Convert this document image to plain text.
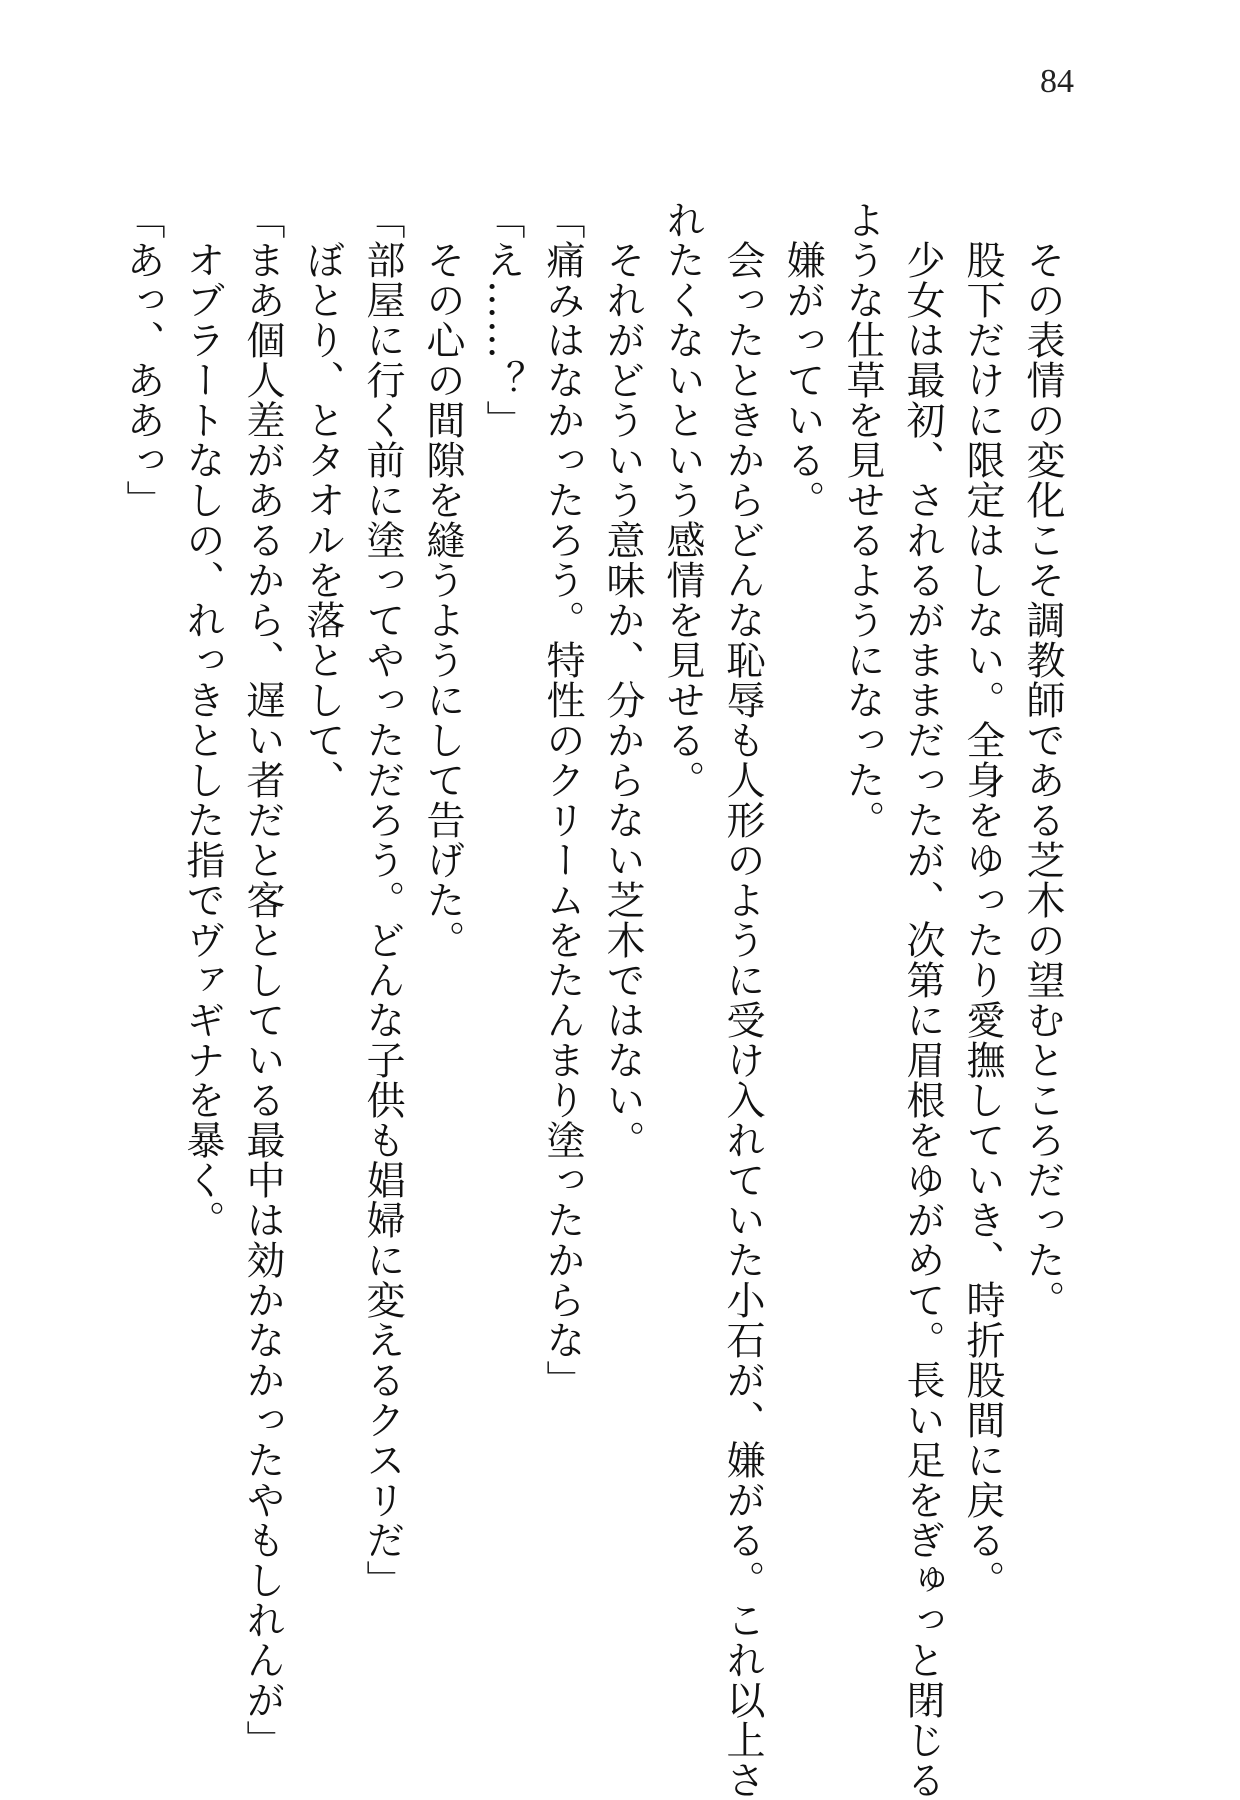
84
　その表情の変化こそ調教師である芝木の望むところだった。
　股下だけに限定はしない。全身をゆったり愛撫していき、時折股間に戻る。
　少女は最初、されるがままだったが、次第に眉根をゆがめて。長い足をぎゅっと閉じる
ような仕草を見せるようになった。
　嫌がっている。
　会ったときからどんな恥辱も人形のように受け入れていた小石が、嫌がる。これ以上さ
れたくないという感情を見せる。
　それがどういう意味か、分からない芝木ではない。
「痛みはなかったろう。特性のクリームをたんまり塗ったからな」
「え……？」
　その心の間隙を縫うようにして告げた。
「部屋に行く前に塗ってやっただろう。どんな子供も娼婦に変えるクスリだ」
　ぼとり、とタオルを落として、
「まあ個人差があるから、遅い者だと客としている最中は効かなかったやもしれんが」
　オブラートなしの、れっきとした指でヴァギナを暴く。
「あっ、ああっ」
